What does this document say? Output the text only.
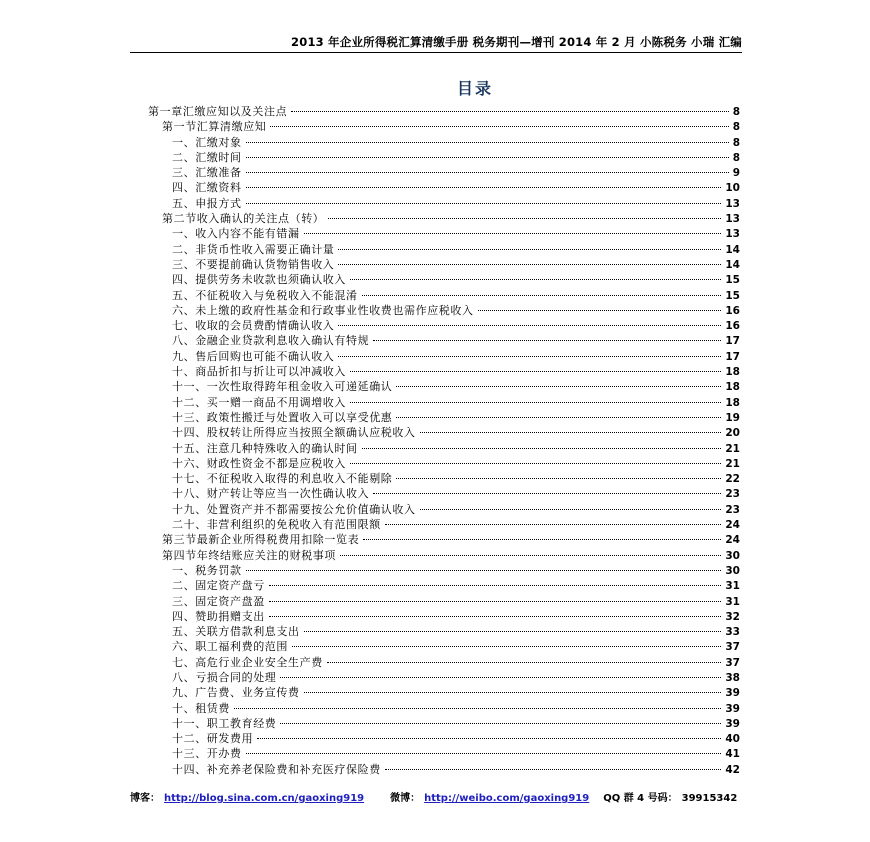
2013 年企业所得税汇算清缴手册 税务期刊—增刊 2014 年 2 月 小陈税务 小瑞 汇编
目录
第一章汇缴应知以及关注点	8
第一节汇算清缴应知	8
一、汇缴对象	8
二、汇缴时间	8
三、汇缴准备	9
四、汇缴资料	10
五、申报方式	13
第二节收入确认的关注点（转）	13
一、收入内容不能有错漏	13
二、非货币性收入需要正确计量	14
三、不要提前确认货物销售收入	14
四、提供劳务未收款也须确认收入	15
五、不征税收入与免税收入不能混淆	15
六、未上缴的政府性基金和行政事业性收费也需作应税收入	16
七、收取的会员费酌情确认收入	16
八、金融企业贷款利息收入确认有特规	17
九、售后回购也可能不确认收入	17
十、商品折扣与折让可以冲减收入	18
十一、一次性取得跨年租金收入可递延确认	18
十二、买一赠一商品不用调增收入	18
十三、政策性搬迁与处置收入可以享受优惠	19
十四、股权转让所得应当按照全额确认应税收入	20
十五、注意几种特殊收入的确认时间	21
十六、财政性资金不都是应税收入	21
十七、不征税收入取得的利息收入不能剔除	22
十八、财产转让等应当一次性确认收入	23
十九、处置资产并不都需要按公允价值确认收入	23
二十、非营利组织的免税收入有范围限额	24
第三节最新企业所得税费用扣除一览表	24
第四节年终结账应关注的财税事项	30
一、税务罚款	30
二、固定资产盘亏	31
三、固定资产盘盈	31
四、赞助捐赠支出	32
五、关联方借款利息支出	33
六、职工福利费的范围	37
七、高危行业企业安全生产费	37
八、亏损合同的处理	38
九、广告费、业务宣传费	39
十、租赁费	39
十一、职工教育经费	39
十二、研发费用	40
十三、开办费	41
十四、补充养老保险费和补充医疗保险费	42
博客： http://blog.sina.com.cn/gaoxing919	微博： http://weibo.com/gaoxing919 QQ 群 4 号码： 39915342
